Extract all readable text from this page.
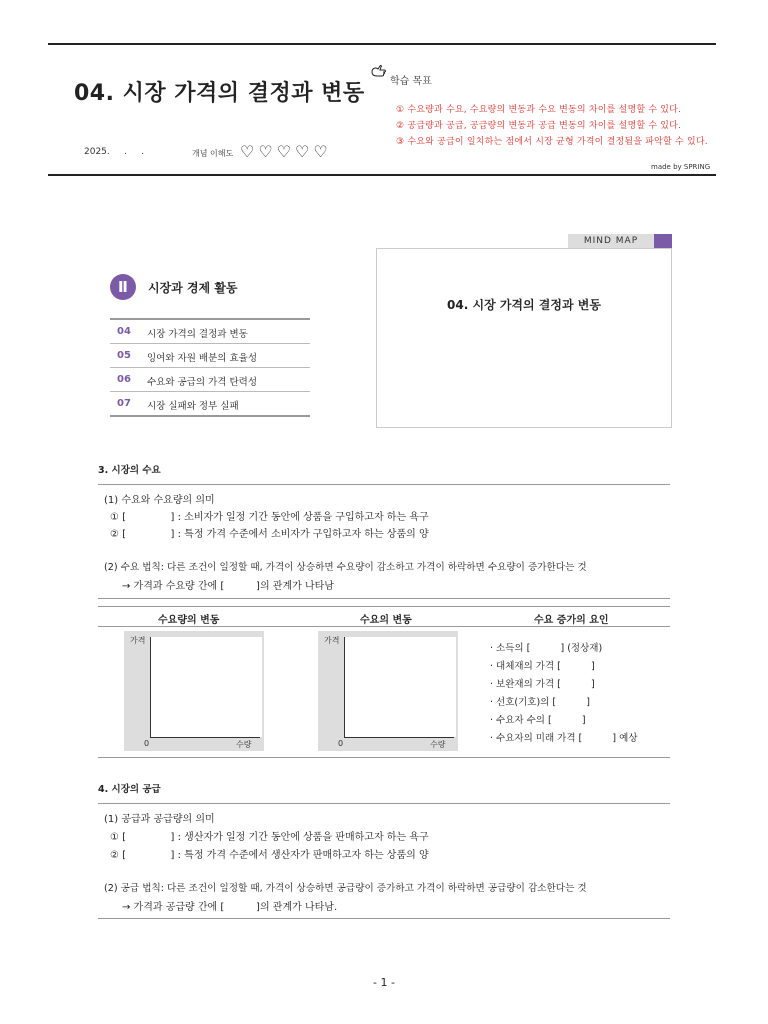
04. 시장 가격의 결정과 변동	학습 목표
① 수요량과 수요, 수요량의 변동과 수요 변동의 차이를 설명할 수 있다.
② 공급량과 공급, 공급량의 변동과 공급 변동의 차이를 설명할 수 있다.
③ 수요와 공급이 일치하는 점에서 시장 균형 가격이 결정됨을 파악할 수 있다.
2025.     .     .	개념 이해도 ♡♡♡♡♡
made by SPRING
MIND MAP
04. 시장 가격의 결정과 변동
Ⅱ	시장과 경제 활동
04 시장 가격의 결정과 변동
05 잉여와 자원 배분의 효율성
06 수요와 공급의 가격 탄력성
07 시장 실패와 정부 실패
3. 시장의 수요
(1) 수요와 수요량의 의미
① [              ] : 소비자가 일정 기간 동안에 상품을 구입하고자 하는 욕구
② [              ] : 특정 가격 수준에서 소비자가 구입하고자 하는 상품의 양
(2) 수요 법칙: 다른 조건이 일정할 때, 가격이 상승하면 수요량이 감소하고 가격이 하락하면 수요량이 증가한다는 것
→ 가격과 수요량 간에 [          ]의 관계가 나타남
수요량의 변동	수요의 변동	수요 증가의 요인
가격
0	수량
가격
0	수량
· 소득의 [          ] (정상재)
· 대체재의 가격 [          ]
· 보완재의 가격 [          ]
· 선호(기호)의 [          ]
· 수요자 수의 [          ]
· 수요자의 미래 가격 [          ] 예상
4. 시장의 공급
(1) 공급과 공급량의 의미
① [              ] : 생산자가 일정 기간 동안에 상품을 판매하고자 하는 욕구
② [              ] : 특정 가격 수준에서 생산자가 판매하고자 하는 상품의 양
(2) 공급 법칙: 다른 조건이 일정할 때, 가격이 상승하면 공급량이 증가하고 가격이 하락하면 공급량이 감소한다는 것
→ 가격과 공급량 간에 [          ]의 관계가 나타남.
- 1 -
